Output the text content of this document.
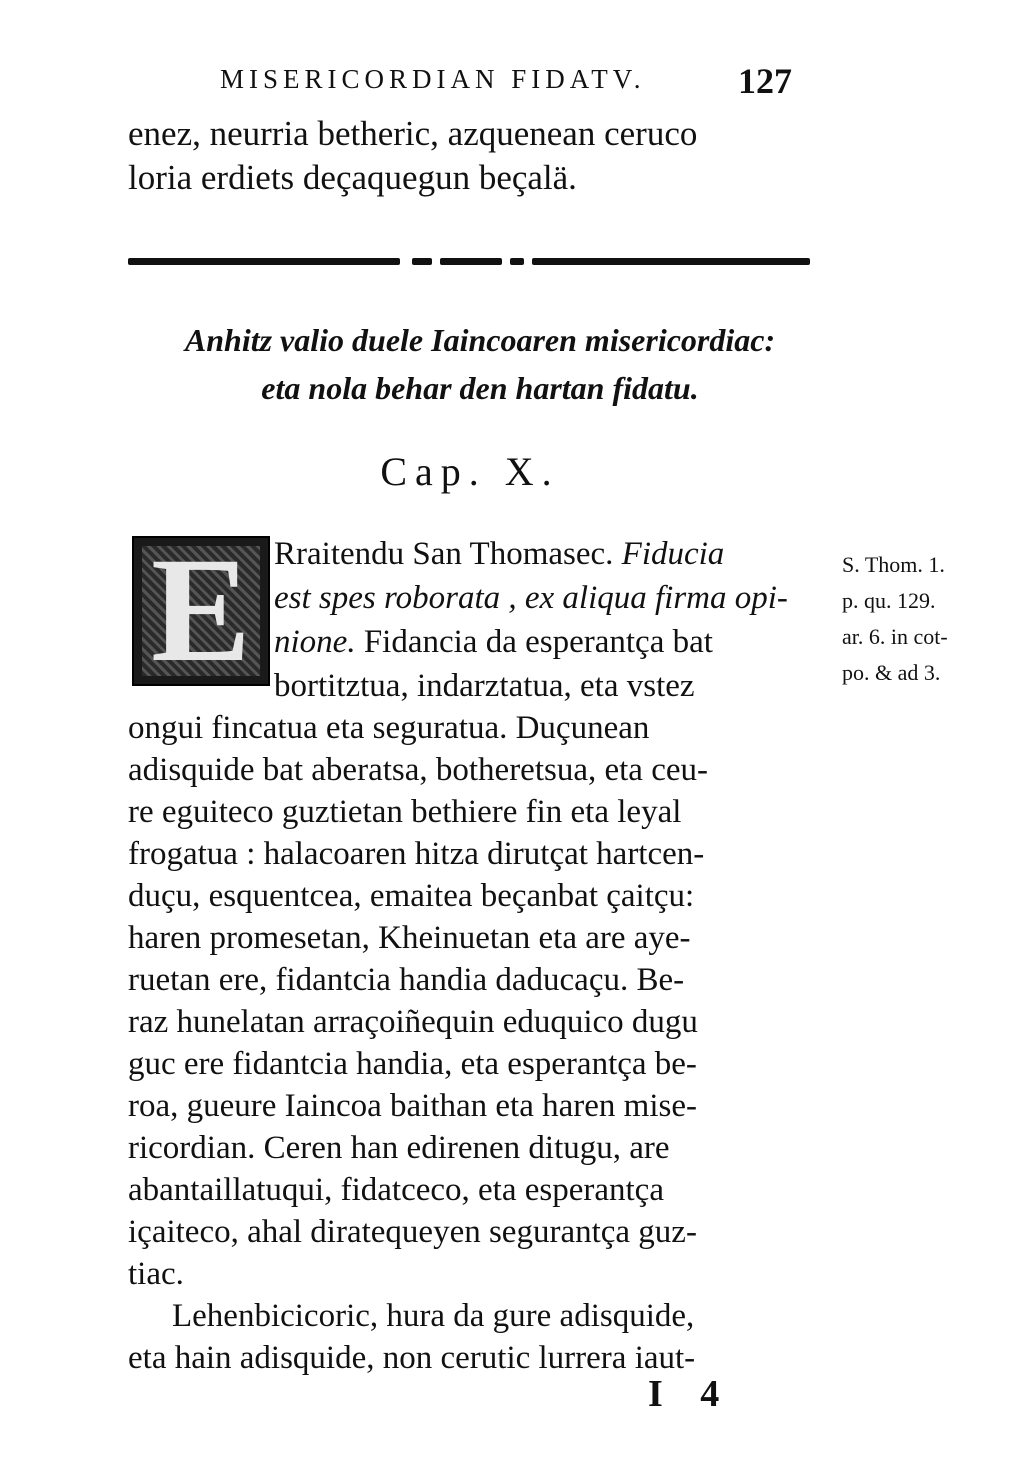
MISERICORDIAN FIDATV.	127
enez, neurria betheric, azquenean ceruco
loria erdiets deçaquegun beçalä.
Anhitz valio duele Iaincoaren misericordiac:
eta nola behar den hartan fidatu.
Cap. X.
E Rraitendu San Thomasec. Fiducia
est spes roborata , ex aliqua firma opi-
nione. Fidancia da esperantça bat
bortitztua, indarztatua, eta vstez
ongui fincatua eta seguratua. Duçunean
adisquide bat aberatsa, botheretsua, eta ceu-
re eguiteco guztietan bethiere fin eta leyal
frogatua : halacoaren hitza dirutçat hartcen-
duçu, esquentcea, emaitea beçanbat çaitçu:
haren promesetan, Kheinuetan eta are aye-
ruetan ere, fidantcia handia daducaçu. Be-
raz hunelatan arraçoiñequin eduquico dugu
guc ere fidantcia handia, eta esperantça be-
roa, gueure Iaincoa baithan eta haren mise-
ricordian. Ceren han edirenen ditugu, are
abantaillatuqui, fidatceco, eta esperantça
içaiteco, ahal diratequeyen segurantça guz-
tiac.
Lehenbicicoric, hura da gure adisquide,
eta hain adisquide, non cerutic lurrera iaut-
S. Thom. 1.
p. qu. 129.
ar. 6. in cot-
po. & ad 3.
I 4
